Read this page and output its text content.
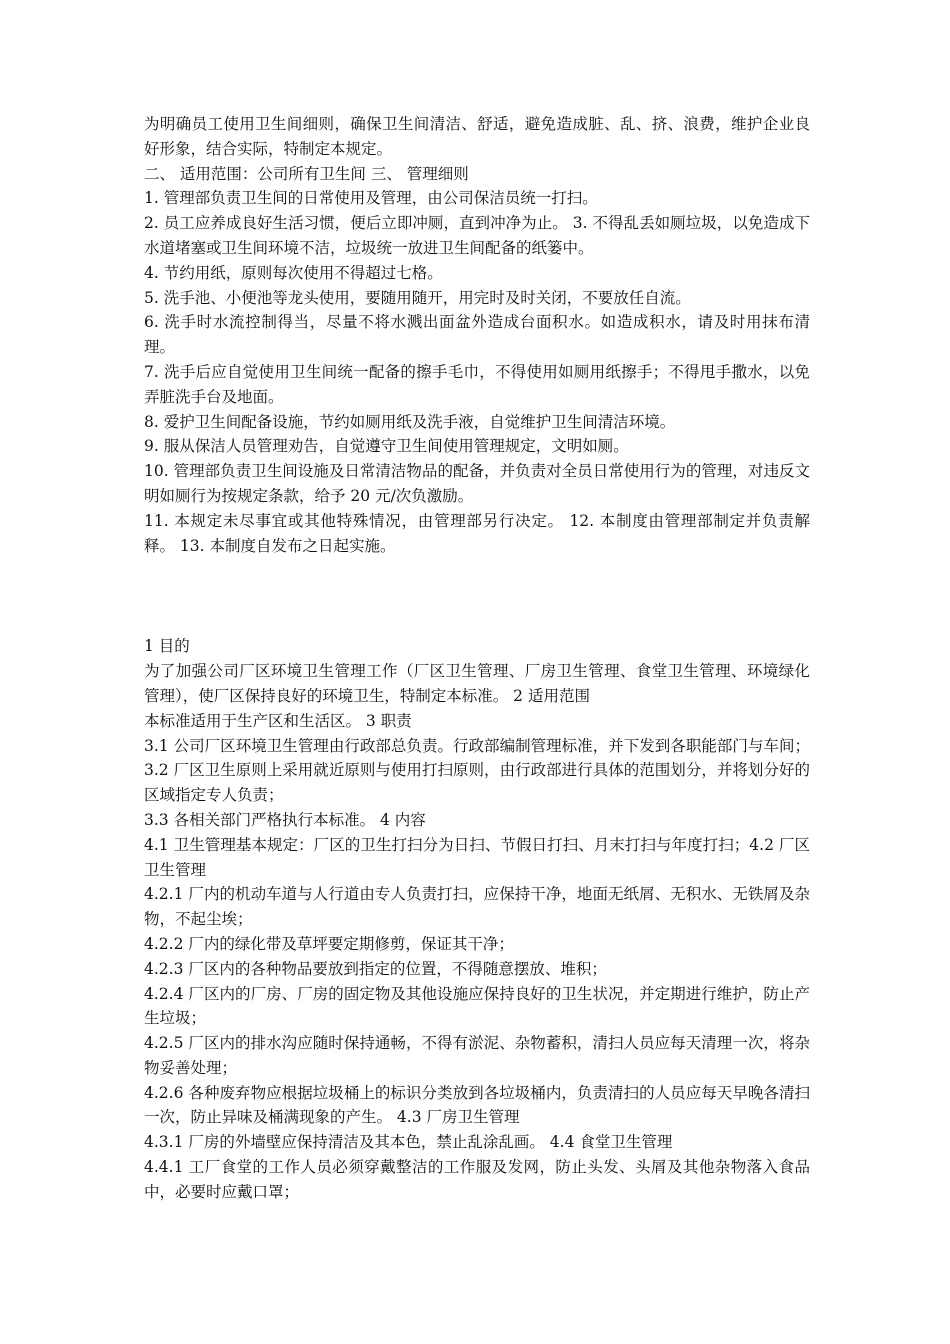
为明确员工使用卫生间细则，确保卫生间清洁、舒适，避免造成脏、乱、挤、浪费，维护企业良好形象，结合实际，特制定本规定。

二、 适用范围：公司所有卫生间 三、 管理细则

1. 管理部负责卫生间的日常使用及管理，由公司保洁员统一打扫。

2. 员工应养成良好生活习惯，便后立即冲厕，直到冲净为止。 3. 不得乱丢如厕垃圾，以免造成下水道堵塞或卫生间环境不洁，垃圾统一放进卫生间配备的纸篓中。

4. 节约用纸，原则每次使用不得超过七格。

5. 洗手池、小便池等龙头使用，要随用随开，用完时及时关闭，不要放任自流。

6. 洗手时水流控制得当，尽量不将水溅出面盆外造成台面积水。如造成积水，请及时用抹布清理。

7. 洗手后应自觉使用卫生间统一配备的擦手毛巾，不得使用如厕用纸擦手；不得甩手撒水，以免弄脏洗手台及地面。

8. 爱护卫生间配备设施，节约如厕用纸及洗手液，自觉维护卫生间清洁环境。

9. 服从保洁人员管理劝告，自觉遵守卫生间使用管理规定，文明如厕。

10. 管理部负责卫生间设施及日常清洁物品的配备，并负责对全员日常使用行为的管理，对违反文明如厕行为按规定条款，给予 20 元/次负激励。

11. 本规定未尽事宜或其他特殊情况，由管理部另行决定。 12. 本制度由管理部制定并负责解释。 13. 本制度自发布之日起实施。

1 目的

为了加强公司厂区环境卫生管理工作（厂区卫生管理、厂房卫生管理、食堂卫生管理、环境绿化管理），使厂区保持良好的环境卫生，特制定本标准。 2 适用范围

本标准适用于生产区和生活区。 3 职责

3.1 公司厂区环境卫生管理由行政部总负责。行政部编制管理标准，并下发到各职能部门与车间；3.2 厂区卫生原则上采用就近原则与使用打扫原则，由行政部进行具体的范围划分，并将划分好的区域指定专人负责；

3.3 各相关部门严格执行本标准。 4 内容

4.1 卫生管理基本规定：厂区的卫生打扫分为日扫、节假日打扫、月末打扫与年度打扫；4.2 厂区卫生管理

4.2.1 厂内的机动车道与人行道由专人负责打扫，应保持干净，地面无纸屑、无积水、无铁屑及杂物，不起尘埃；

4.2.2 厂内的绿化带及草坪要定期修剪，保证其干净；

4.2.3 厂区内的各种物品要放到指定的位置，不得随意摆放、堆积；

4.2.4 厂区内的厂房、厂房的固定物及其他设施应保持良好的卫生状况，并定期进行维护，防止产生垃圾；

4.2.5 厂区内的排水沟应随时保持通畅，不得有淤泥、杂物蓄积，清扫人员应每天清理一次，将杂物妥善处理；

4.2.6 各种废弃物应根据垃圾桶上的标识分类放到各垃圾桶内，负责清扫的人员应每天早晚各清扫一次，防止异味及桶满现象的产生。 4.3 厂房卫生管理

4.3.1 厂房的外墙壁应保持清洁及其本色，禁止乱涂乱画。 4.4 食堂卫生管理

4.4.1 工厂食堂的工作人员必须穿戴整洁的工作服及发网，防止头发、头屑及其他杂物落入食品中，必要时应戴口罩；
